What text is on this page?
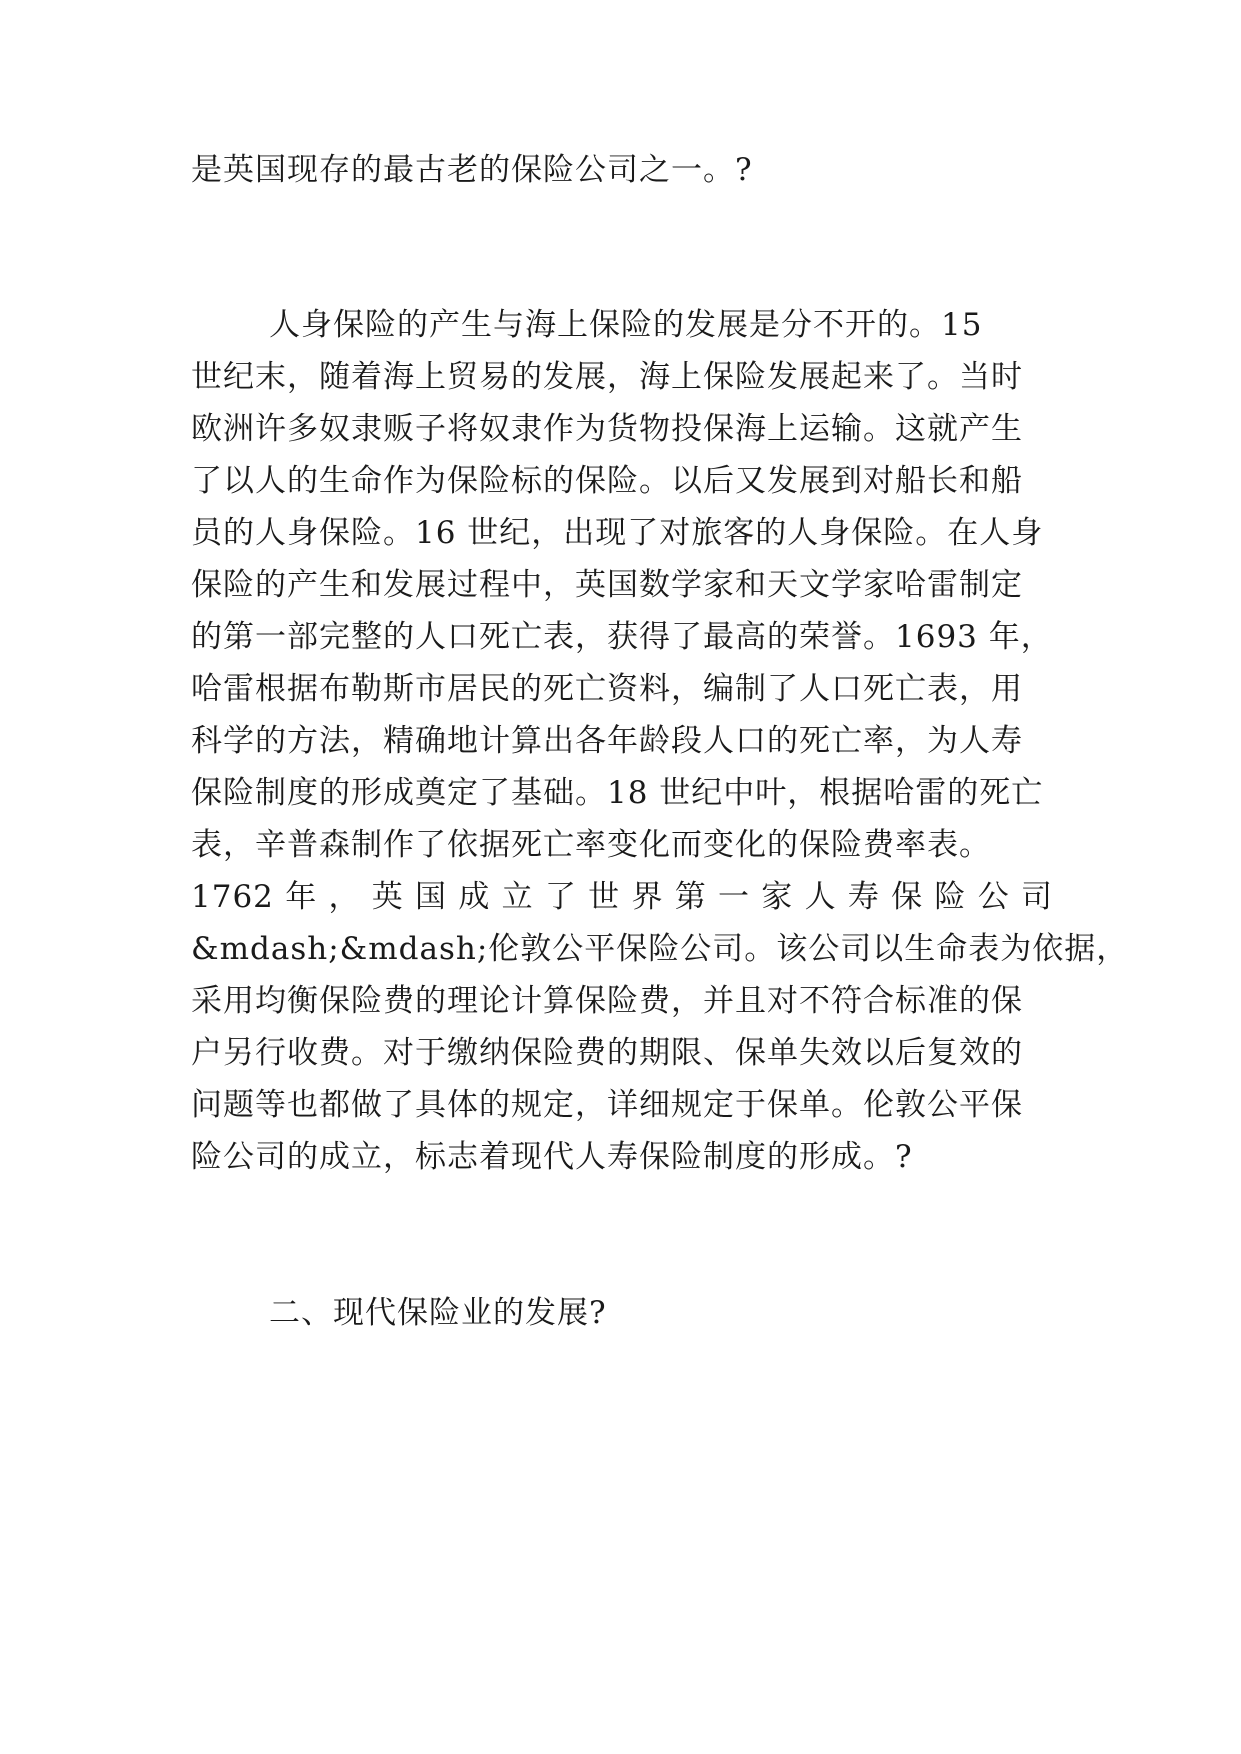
是英国现存的最古老的保险公司之一。?
人身保险的产生与海上保险的发展是分不开的。15
世纪末，随着海上贸易的发展，海上保险发展起来了。当时
欧洲许多奴隶贩子将奴隶作为货物投保海上运输。这就产生
了以人的生命作为保险标的保险。以后又发展到对船长和船
员的人身保险。16 世纪，出现了对旅客的人身保险。在人身
保险的产生和发展过程中，英国数学家和天文学家哈雷制定
的第一部完整的人口死亡表，获得了最高的荣誉。1693 年，
哈雷根据布勒斯市居民的死亡资料，编制了人口死亡表，用
科学的方法，精确地计算出各年龄段人口的死亡率，为人寿
保险制度的形成奠定了基础。18 世纪中叶，根据哈雷的死亡
表，辛普森制作了依据死亡率变化而变化的保险费率表。
1762 年 ， 英 国 成 立 了 世 界 第 一 家 人 寿 保 险 公 司
&mdash;&mdash;伦敦公平保险公司。该公司以生命表为依据，
采用均衡保险费的理论计算保险费，并且对不符合标准的保
户另行收费。对于缴纳保险费的期限、保单失效以后复效的
问题等也都做了具体的规定，详细规定于保单。伦敦公平保
险公司的成立，标志着现代人寿保险制度的形成。?
二、现代保险业的发展?
